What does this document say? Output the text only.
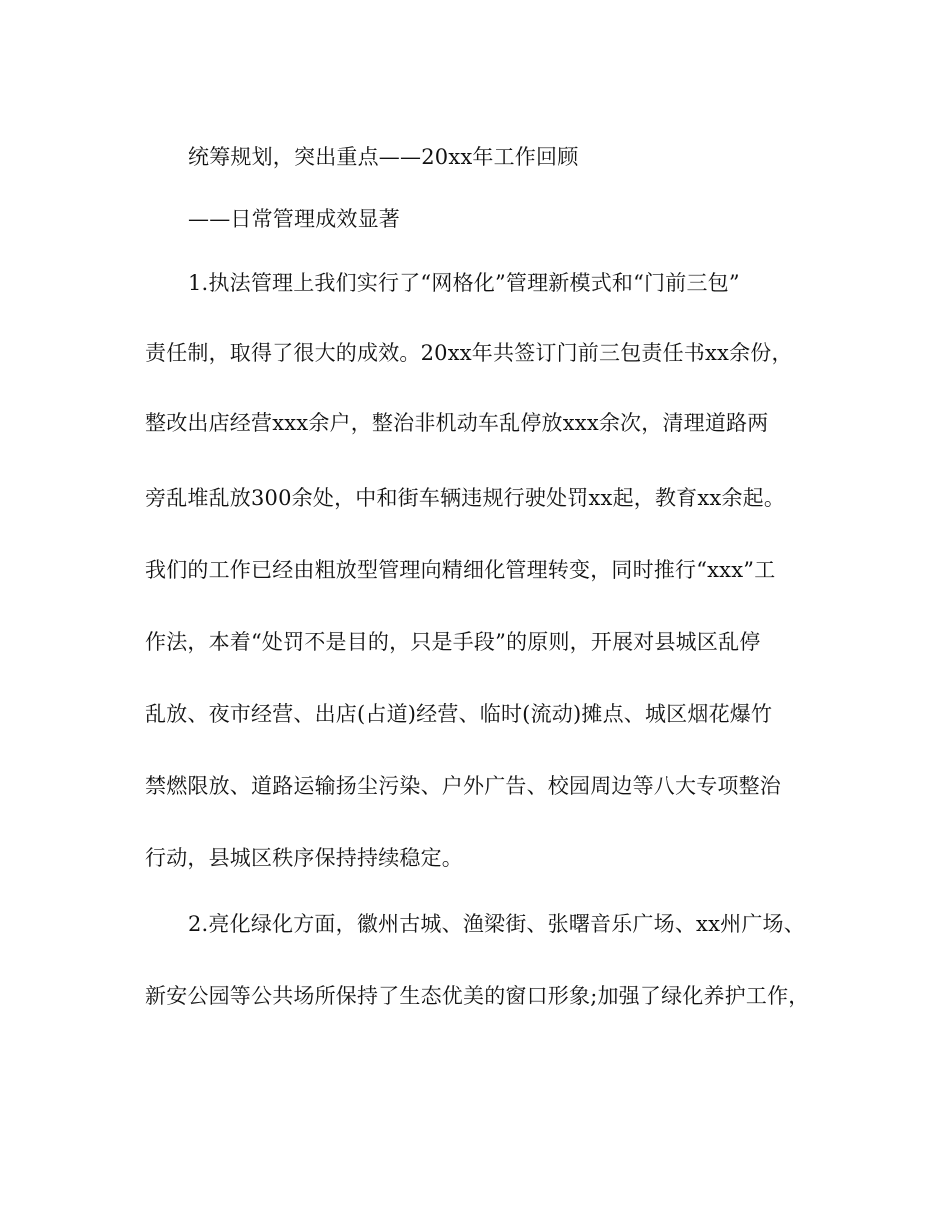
统筹规划，突出重点——20xx年工作回顾
——日常管理成效显著
1.执法管理上我们实行了“网格化”管理新模式和“门前三包”
责任制，取得了很大的成效。20xx年共签订门前三包责任书xx余份，
整改出店经营xxx余户，整治非机动车乱停放xxx余次，清理道路两
旁乱堆乱放300余处，中和街车辆违规行驶处罚xx起，教育xx余起。
我们的工作已经由粗放型管理向精细化管理转变，同时推行“xxx”工
作法，本着“处罚不是目的，只是手段”的原则，开展对县城区乱停
乱放、夜市经营、出店(占道)经营、临时(流动)摊点、城区烟花爆竹
禁燃限放、道路运输扬尘污染、户外广告、校园周边等八大专项整治
行动，县城区秩序保持持续稳定。
2.亮化绿化方面，徽州古城、渔梁街、张曙音乐广场、xx州广场、
新安公园等公共场所保持了生态优美的窗口形象;加强了绿化养护工作，
